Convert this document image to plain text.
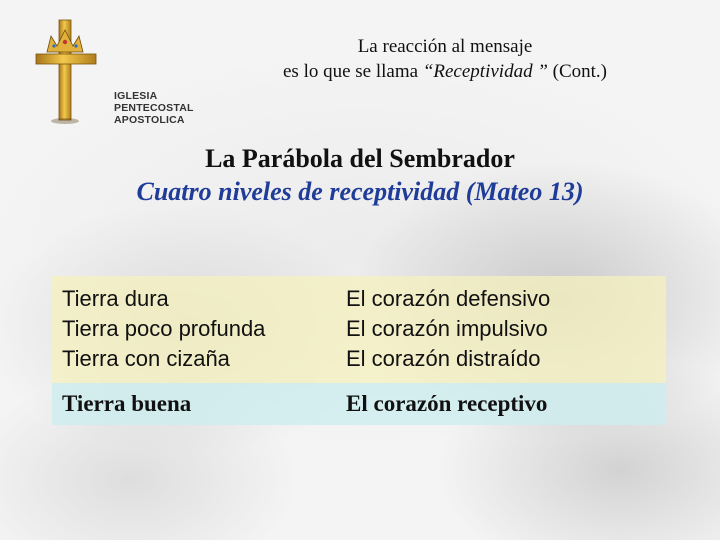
IGLESIA
PENTECOSTAL
APOSTOLICA
La reacción al mensaje
es lo que se llama “Receptividad ” (Cont.)
La Parábola del Sembrador
Cuatro niveles de receptividad (Mateo 13)
Tierra dura
Tierra poco profunda
Tierra con cizaña
El corazón defensivo
El corazón impulsivo
El corazón distraído
Tierra buena	El corazón receptivo
